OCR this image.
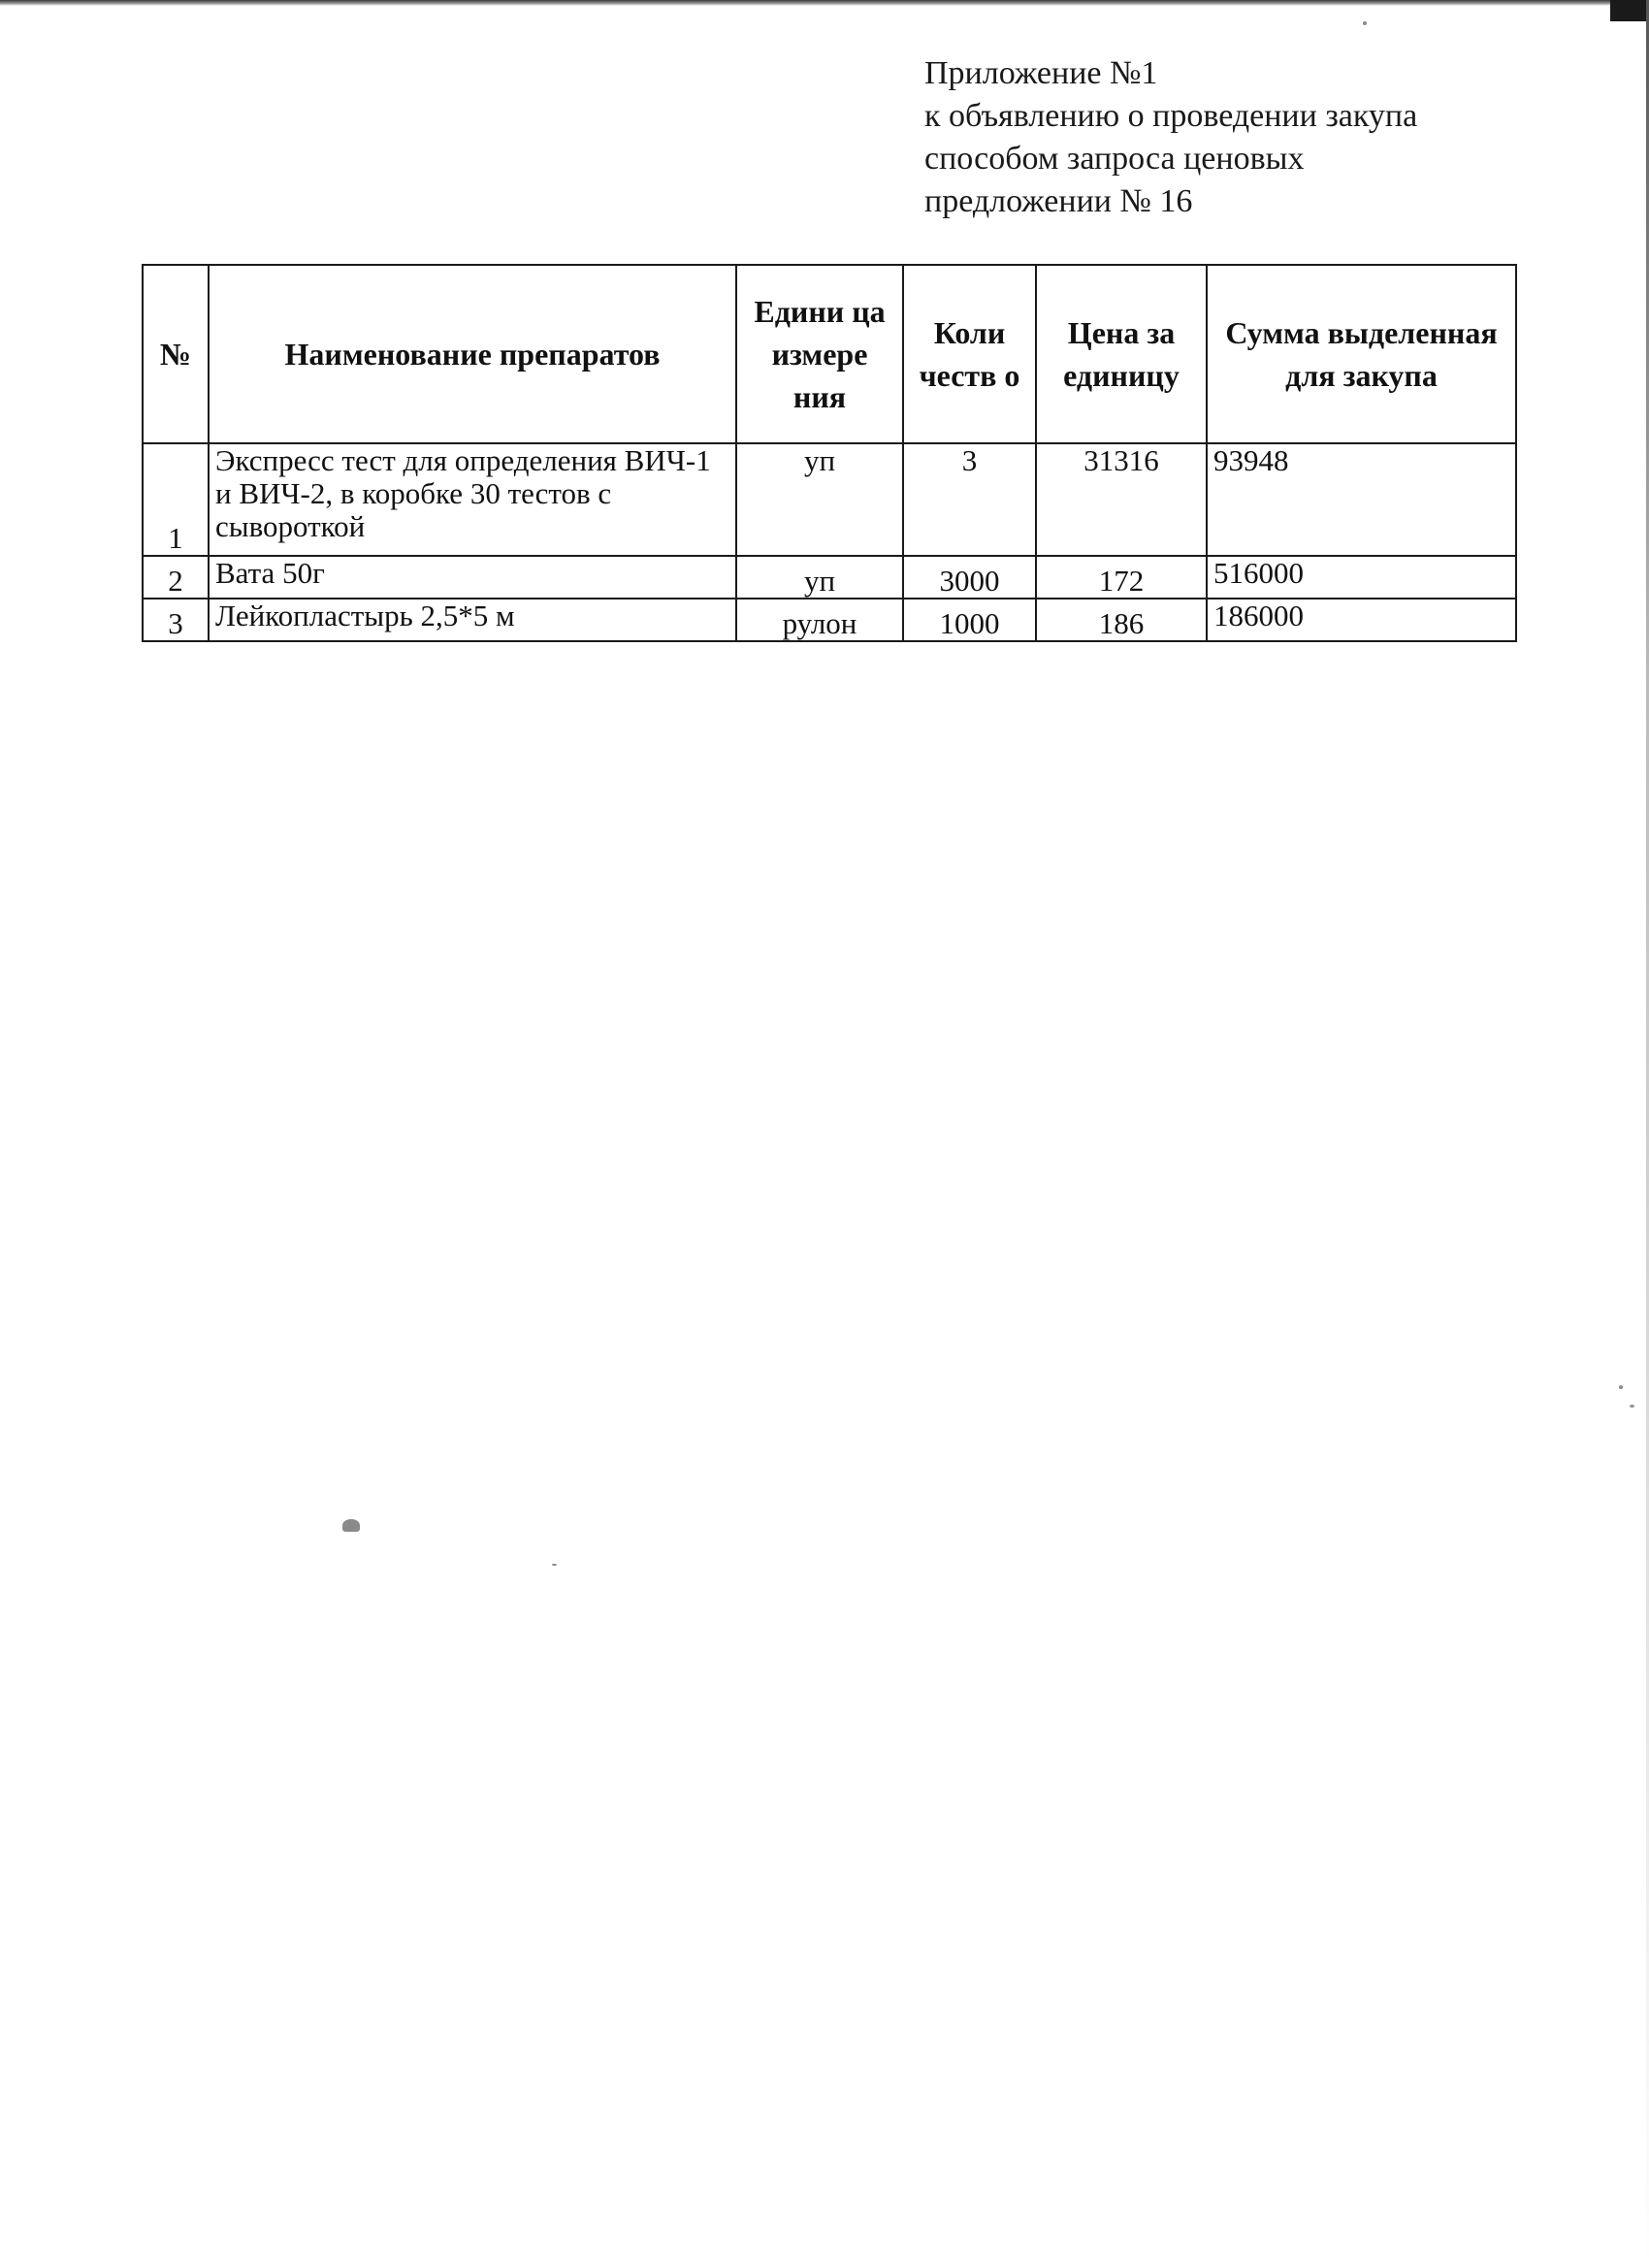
Приложение №1
к объявлению о проведении закупа
способом запроса ценовых
предложении № 16
№	Наименование препаратов	Едини ца измере ния	Коли честв о	Цена за единицу	Сумма выделенная для закупа
1	Экспресс тест для определения ВИЧ-1 и ВИЧ-2, в коробке 30 тестов с сывороткой	уп	3	31316	93948
2	Вата 50г	уп	3000	172	516000
3	Лейкопластырь 2,5*5 м	рулон	1000	186	186000
